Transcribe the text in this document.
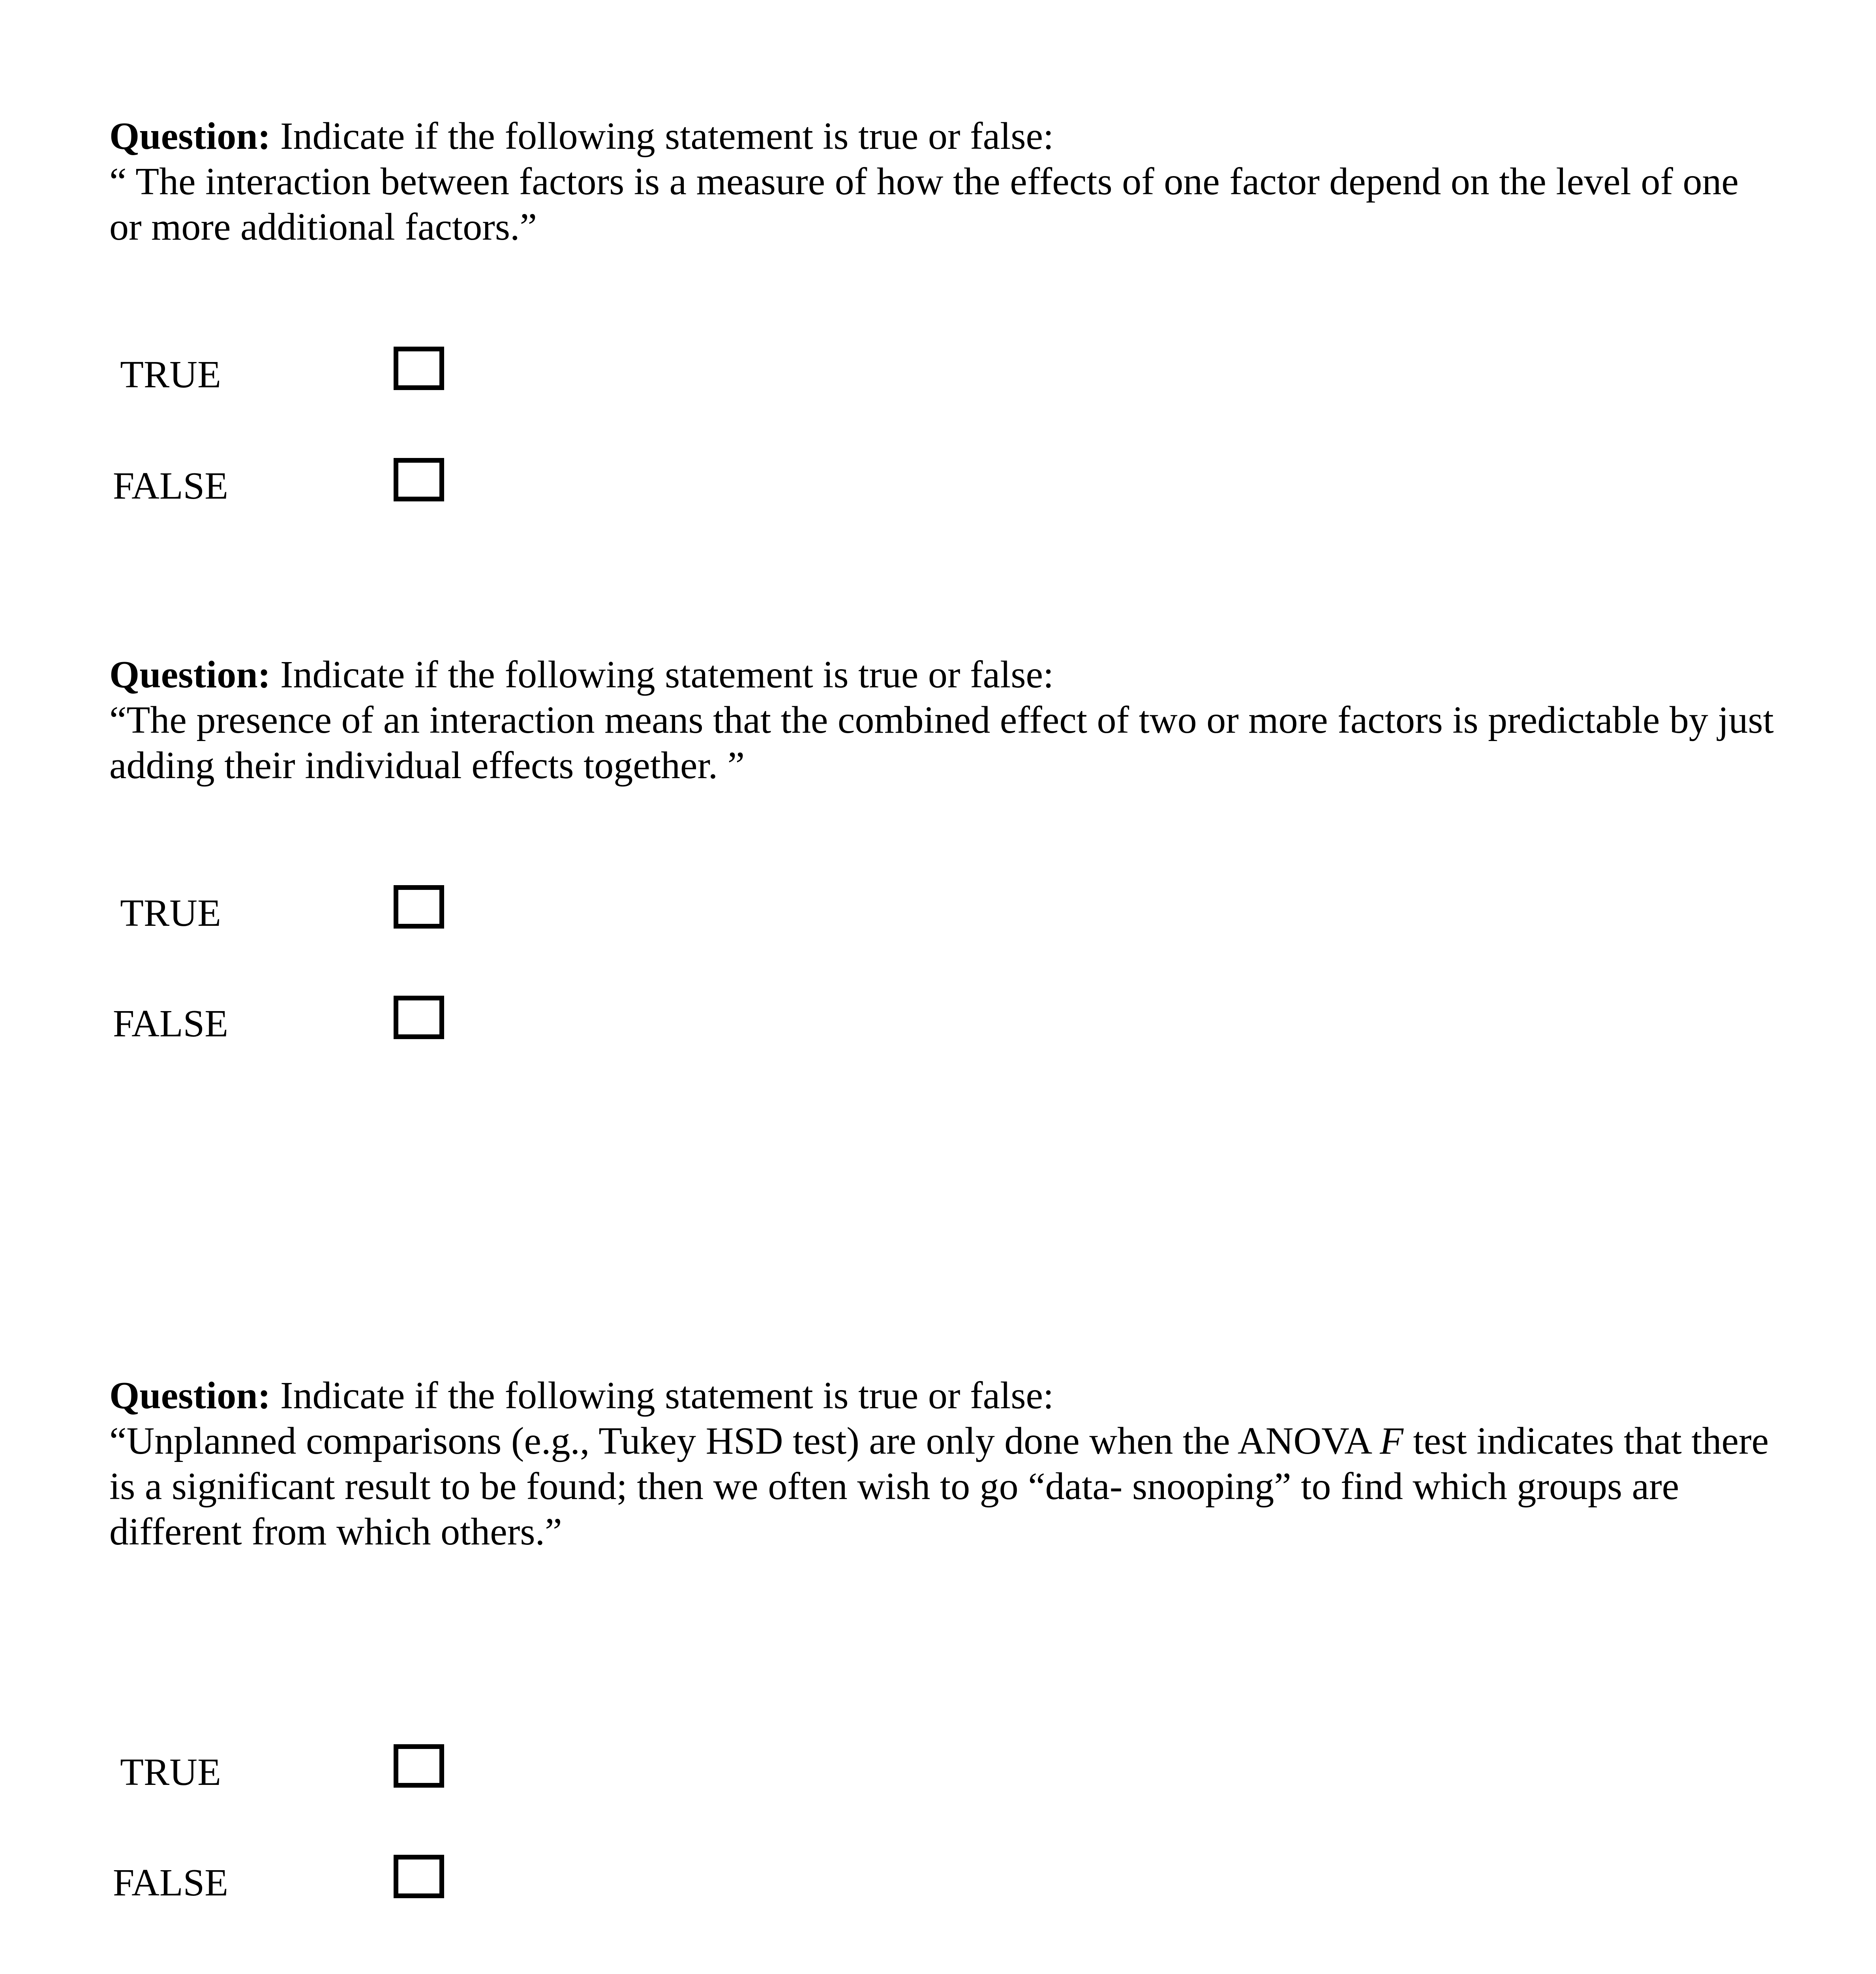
Question: Indicate if the following statement is true or false:

“ The interaction between factors is a measure of how the effects of one factor depend on the level of one or more additional factors.”

TRUE
FALSE

Question: Indicate if the following statement is true or false:

“The presence of an interaction means that the combined effect of two or more factors is predictable by just adding their individual effects together. ”

TRUE
FALSE

Question: Indicate if the following statement is true or false:

“Unplanned comparisons (e.g., Tukey HSD test) are only done when the ANOVA F test indicates that there is a significant result to be found; then we often wish to go “data- snooping” to find which groups are different from which others.”

TRUE
FALSE
